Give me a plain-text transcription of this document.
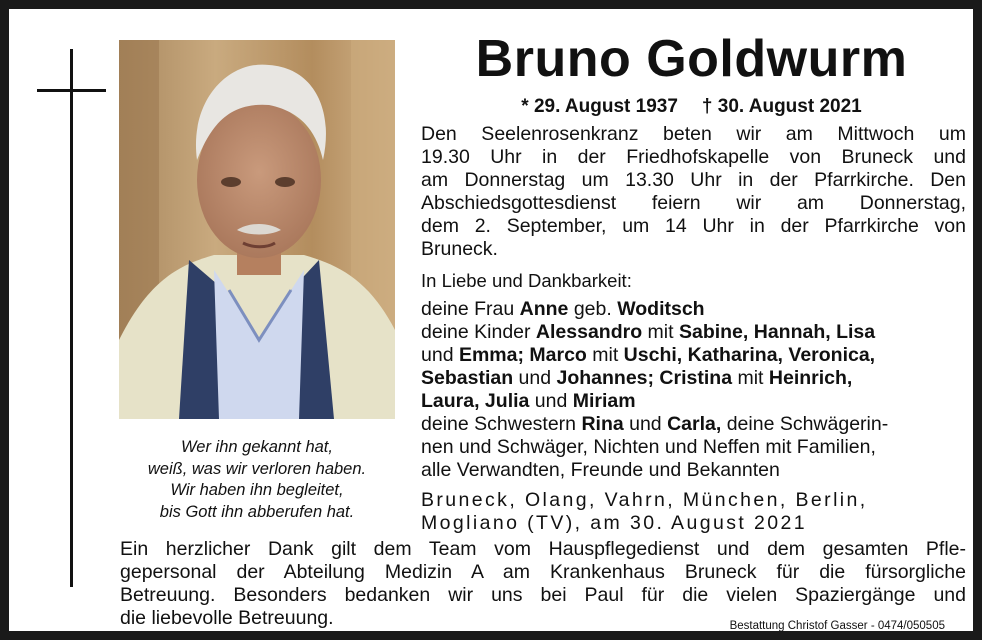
Wer ihn gekannt hat,
weiß, was wir verloren haben.
Wir haben ihn begleitet,
bis Gott ihn abberufen hat.
Bruno Goldwurm
* 29. August 1937 † 30. August 2021
Den Seelenrosenkranz beten wir am Mittwoch um
19.30 Uhr in der Friedhofskapelle von Bruneck und
am Donnerstag um 13.30 Uhr in der Pfarrkirche. Den
Abschiedsgottesdienst feiern wir am Donnerstag,
dem 2. September, um 14 Uhr in der Pfarrkirche von
Bruneck.
In Liebe und Dankbarkeit:
deine Frau Anne geb. Woditsch
deine Kinder Alessandro mit Sabine, Hannah, Lisa
und Emma; Marco mit Uschi, Katharina, Veronica,
Sebastian und Johannes; Cristina mit Heinrich,
Laura, Julia und Miriam
deine Schwestern Rina und Carla, deine Schwägerin-
nen und Schwäger, Nichten und Neffen mit Familien,
alle Verwandten, Freunde und Bekannten
Bruneck, Olang, Vahrn, München, Berlin,
Mogliano (TV), am 30. August 2021
Ein herzlicher Dank gilt dem Team vom Hauspflegedienst und dem gesamten Pfle-
gepersonal der Abteilung Medizin A am Krankenhaus Bruneck für die fürsorgliche
Betreuung. Besonders bedanken wir uns bei Paul für die vielen Spaziergänge und
die liebevolle Betreuung.	Bestattung Christof Gasser - 0474/050505
